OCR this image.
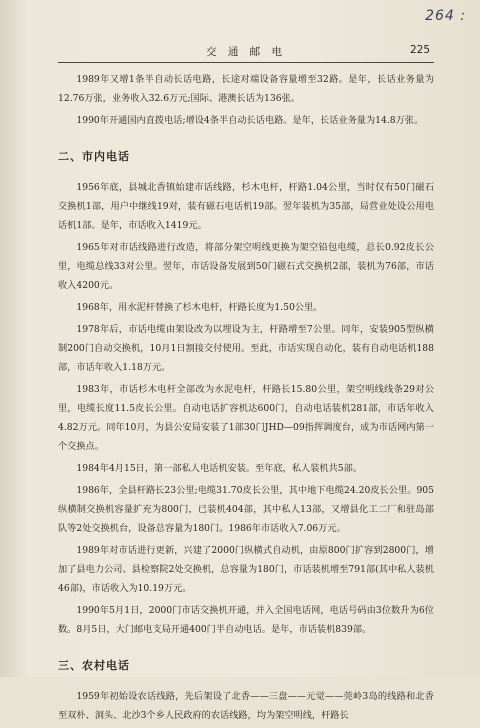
264 :
交 通 邮 电	225

1989年又增1条半自动长话电路，长途对端设备容量增至32路。是年，长话业务量为12.76万张，业务收入32.6万元;国际、港澳长话为136张。

1990年开通国内直拨电话;增设4条半自动长话电路。是年，长话业务量为14.8万张。

二、市内电话

1956年底，县城北香镇始建市话线路，杉木电杆，杆路1.04公里，当时仅有50门磁石交换机1部，用户中继线19对，装有磁石电话机19部。翌年装机为35部，局营业处设公用电话机1部。是年，市话收入1419元。

1965年对市话线路进行改造，将部分架空明线更换为架空铅包电缆，总长0.92皮长公里，电缆总线33对公里。翌年，市话设备发展到50门磁石式交换机2部，装机为76部，市话收入4200元。

1968年，用水泥杆替换了杉木电杆，杆路长度为1.50公里。

1978年后，市话电缆由架设改为以埋设为主，杆路增至7公里。同年，安装905型纵横制200门自动交换机，10月1日割接交付使用。至此，市话实现自动化，装有自动电话机188部，市话年收入1.18万元。

1983年，市话杉木电杆全部改为水泥电杆，杆路长15.80公里，架空明线线条29对公里，电缆长度11.5皮长公里。自动电话扩容机达600门，自动电话装机281部，市话年收入4.82万元。同年10月，为县公安局安装了1部30门JHD—09指挥调度台，成为市话网内第一个交换点。

1984年4月15日，第一部私人电话机安装。至年底，私人装机共5部。

1986年，全县杆路长23公里;电缆31.70皮长公里，其中地下电缆24.20皮长公里。905纵横制交换机容量扩充为800门，已装机404部，其中私人13部，又增县化工二厂和驻岛部队等2处交换机台，设备总容量为180门。1986年市话收入7.06万元。

1989年对市话进行更新，兴建了2000门纵横式自动机，由原800门扩容到2800门，增加了县电力公司、县检察院2处交换机，总容量为180门，市话装机增至791部(其中私人装机46部)，市话收入为10.19万元。

1990年5月1日，2000门市话交换机开通，并入全国电话网，电话号码由3位数升为6位数。8月5日，大门邮电支局开通400门半自动电话。是年，市话装机839部。

三、农村电话

1959年初始设农话线路，先后架设了北香——三盘——元觉——莞岭3岛的线路和北香至双朴、洞头、北沙3个乡人民政府的农话线路，均为架空明线，杆路长
